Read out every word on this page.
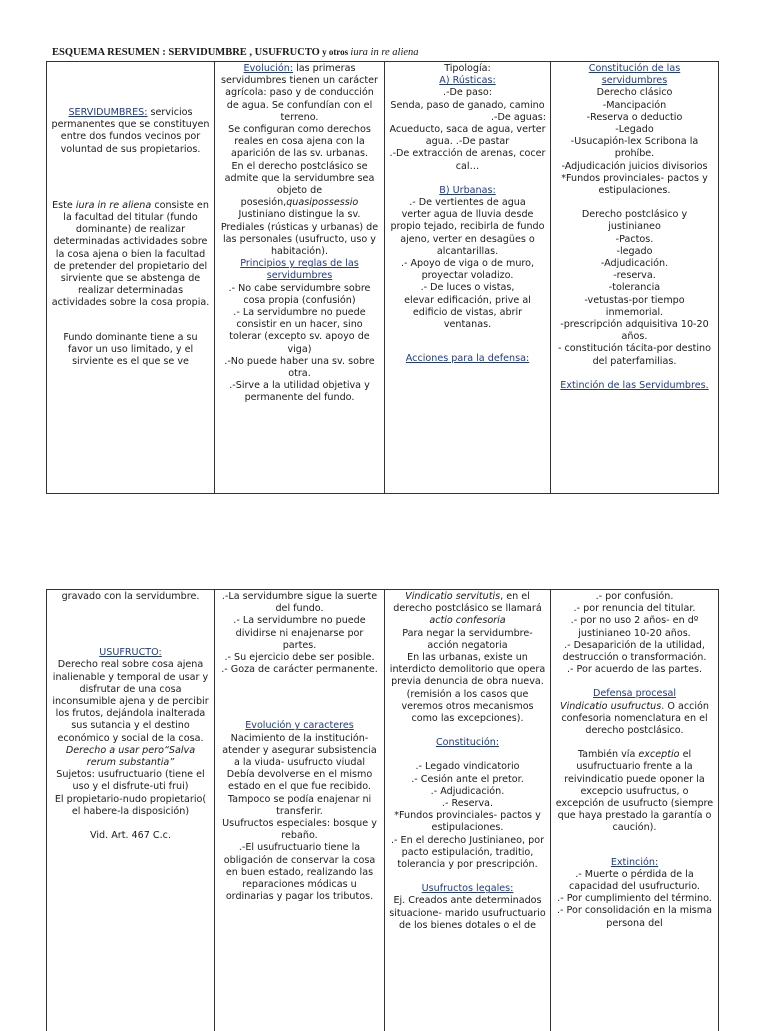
ESQUEMA RESUMEN : SERVIDUMBRE , USUFRUCTO y otros iura in re aliena

SERVIDUMBRES: servicios permanentes que se constituyen entre dos fundos vecinos por voluntad de sus propietarios.

Este iura in re aliena consiste en la facultad del titular (fundo dominante) de realizar determinadas actividades sobre la cosa ajena o bien la facultad de pretender del propietario del sirviente que se abstenga de realizar determinadas actividades sobre la cosa propia.

Fundo dominante tiene a su favor un uso limitado, y el sirviente es el que se ve

Evolución: las primeras servidumbres tienen un carácter agrícola: paso y de conducción de agua. Se confundían con el terreno.

Se configuran como derechos reales en cosa ajena con la aparición de las sv. urbanas.

En el derecho postclásico se admite que la servidumbre sea objeto de posesión,quasipossessio

Justiniano distingue la sv. Prediales (rústicas y urbanas) de las personales (usufructo, uso y habitación).

Principios y reglas de las servidumbres

.- No cabe servidumbre sobre cosa propia (confusión)

.- La servidumbre no puede consistir en un hacer, sino tolerar (excepto sv. apoyo de viga)

.-No puede haber una sv. sobre otra.

.-Sirve a la utilidad objetiva y permanente del fundo.

Tipología:

A) Rústicas:

.-De paso:

Senda, paso de ganado, camino

.-De aguas:

Acueducto, saca de agua, verter agua. .-De pastar

.-De extracción de arenas, cocer cal…

B) Urbanas:

.- De vertientes de agua

verter agua de lluvia desde propio tejado, recibirla de fundo ajeno, verter en desagües o alcantarillas.

.- Apoyo de viga o de muro, proyectar voladizo.

.- De luces o vistas,

elevar edificación, prive al edificio de vistas, abrir ventanas.

Acciones para la defensa:

Constitución de las servidumbres

Derecho clásico

-Mancipación

-Reserva o deductio

-Legado

-Usucapión-lex Scribona la prohíbe.

-Adjudicación juicios divisorios

*Fundos provinciales- pactos y estipulaciones.

Derecho postclásico y justinianeo

-Pactos.

-legado

-Adjudicación.

-reserva.

-tolerancia

-vetustas-por tiempo inmemorial.

-prescripción adquisitiva 10-20 años.

- constitución tácita-por destino del paterfamilias.

Extinción de las Servidumbres.

gravado con la servidumbre.

USUFRUCTO:

Derecho real sobre cosa ajena inalienable y temporal de usar y disfrutar de una cosa inconsumible ajena y de percibir los frutos, dejándola inalterada sus sutancia y el destino económico y social de la cosa.

Derecho a usar pero“Salva rerum substantia”

Sujetos: usufructuario (tiene el uso y el disfrute-uti frui)

El propietario-nudo propietario( el habere-la disposición)

Vid. Art. 467 C.c.

.-La servidumbre sigue la suerte del fundo.

.- La servidumbre no puede dividirse ni enajenarse por partes.

.- Su ejercicio debe ser posible.

.- Goza de carácter permanente.

Evolución y caracteres

Nacimiento de la institución- atender y asegurar subsistencia a la viuda- usufructo viudal

Debía devolverse en el mismo estado en el que fue recibido.

Tampoco se podía enajenar ni transferir.

Usufructos especiales: bosque y rebaño.

.-El usufructuario tiene la obligación de conservar la cosa en buen estado, realizando las reparaciones módicas u ordinarias y pagar los tributos.

Vindicatio servitutis, en el derecho postclásico se llamará actio confesoria

Para negar la servidumbre- acción negatoria

En las urbanas, existe un interdicto demolitorio que opera previa denuncia de obra nueva. (remisión a los casos que veremos otros mecanismos como las excepciones).

Constitución:

.- Legado vindicatorio

.- Cesión ante el pretor.

.- Adjudicación.

.- Reserva.

*Fundos provinciales- pactos y estipulaciones.

.- En el derecho Justinianeo, por pacto estipulación, traditio, tolerancia y por prescripción.

Usufructos legales:

Ej. Creados ante determinados situacione- marido usufructuario de los bienes dotales o el de

.- por confusión.

.- por renuncia del titular.

.- por no uso 2 años- en dº justinianeo 10-20 años.

.- Desaparición de la utilidad, destrucción o transformación.

.- Por acuerdo de las partes.

Defensa procesal

Vindicatio usufructus. O acción confesoria nomenclatura en el derecho postclásico.

También vía exceptio el usufructuario frente a la reivindicatio puede oponer la excepcio usufructus, o excepción de usufructo (siempre que haya prestado la garantía o caución).

Extinción:

.- Muerte o pérdida de la capacidad del usufructurio.

.- Por cumplimiento del término.

.- Por consolidación en la misma persona del
